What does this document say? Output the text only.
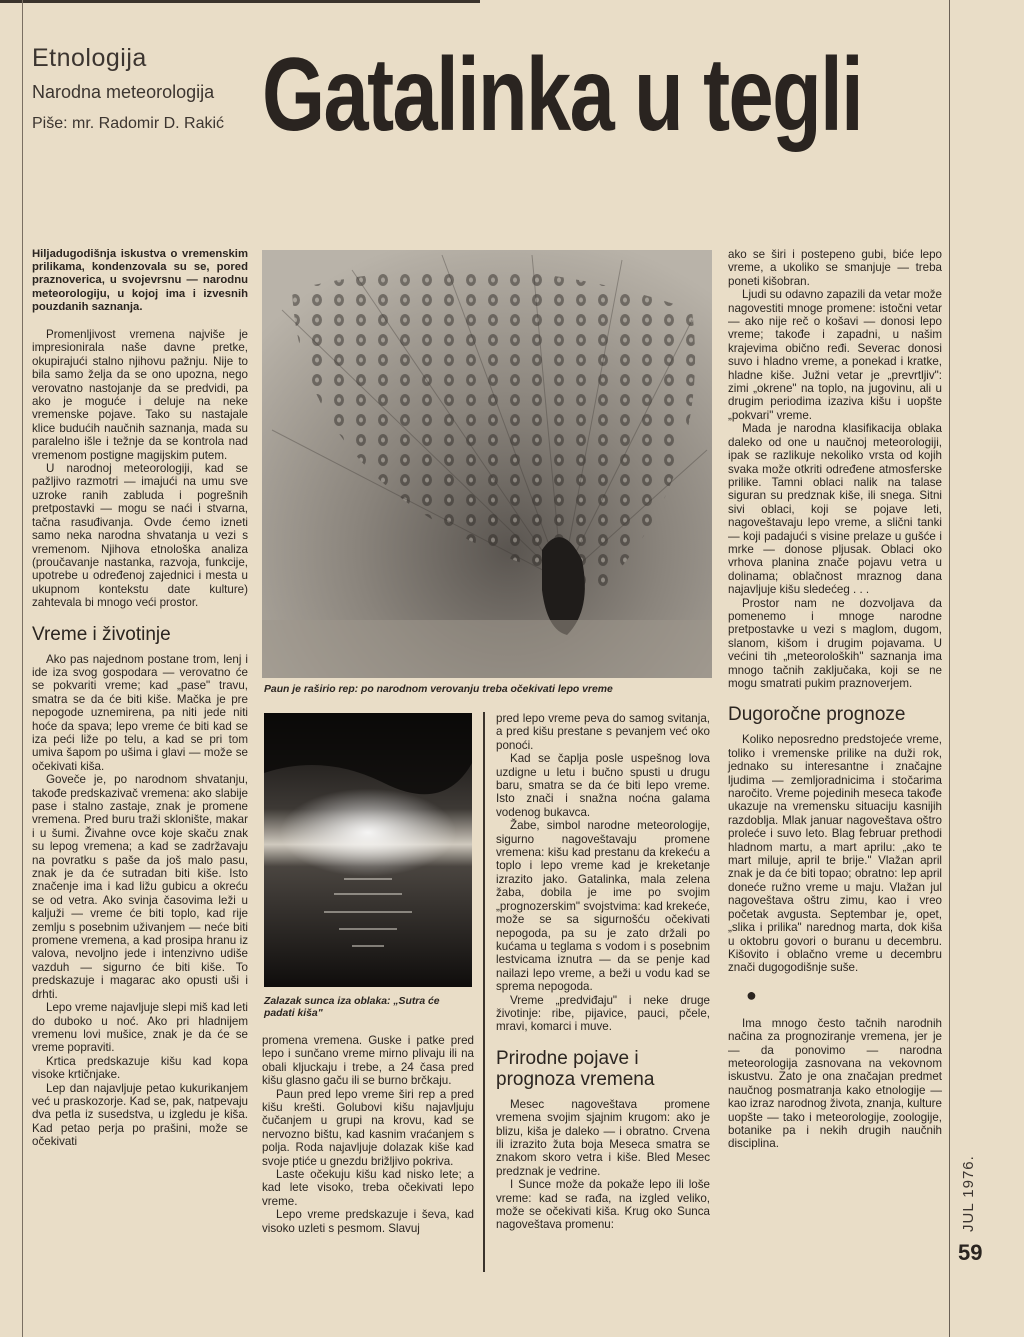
Etnologija
Narodna meteorologija
Piše: mr. Radomir D. Rakić Gatalinka u tegli
Hiljadugodišnja iskustva o vremenskim prilikama, kondenzovala su se, pored praznoverica, u svojevrsnu — narodnu meteorologiju, u kojoj ima i izvesnih pouzdanih saznanja.

Promenljivost vremena najviše je impresionirala naše davne pretke, okupirajući stalno njihovu pažnju. Nije to bila samo želja da se ono upozna, nego verovatno nastojanje da se predvidi, pa ako je moguće i deluje na neke vremenske pojave. Tako su nastajale klice budućih naučnih saznanja, mada su paralelno išle i težnje da se kontrola nad vremenom postigne magijskim putem.

U narodnoj meteorologiji, kad se pažljivo razmotri — imajući na umu sve uzroke ranih zabluda i pogrešnih pretpostavki — mogu se naći i stvarna, tačna rasuđivanja. Ovde ćemo izneti samo neka narodna shvatanja u vezi s vremenom. Njihova etnološka analiza (proučavanje nastanka, razvoja, funkcije, upotrebe u određenoj zajednici i mesta u ukupnom kontekstu date kulture) zahtevala bi mnogo veći prostor.

Vreme i životinje

Ako pas najednom postane trom, lenj i ide iza svog gospodara — verovatno će se pokvariti vreme; kad „pase" travu, smatra se da će biti kiše. Mačka je pre nepogode uznemirena, pa niti jede niti hoće da spava; lepo vreme će biti kad se iza peći liže po telu, a kad se pri tom umiva šapom po ušima i glavi — može se očekivati kiša.

Goveče je, po narodnom shvatanju, takođe predskazivač vremena: ako slabije pase i stalno zastaje, znak je promene vremena. Pred buru traži sklonište, makar i u šumi. Živahne ovce koje skaču znak su lepog vremena; a kad se zadržavaju na povratku s paše da još malo pasu, znak je da će sutradan biti kiše. Isto značenje ima i kad ližu gubicu a okreću se od vetra. Ako svinja časovima leži u kaljuži — vreme će biti toplo, kad rije zemlju s posebnim uživanjem — neće biti promene vremena, a kad prosipa hranu iz valova, nevoljno jede i intenzivno udiše vazduh — sigurno će biti kiše. To predskazuje i magarac ako opusti uši i drhti.

Lepo vreme najavljuje slepi miš kad leti do duboko u noć. Ako pri hladnijem vremenu lovi mušice, znak je da će se vreme popraviti.

Krtica predskazuje kišu kad kopa visoke krtičnjake.

Lep dan najavljuje petao kukurikanjem već u praskozorje. Kad se, pak, natpevaju dva petla iz susedstva, u izgledu je kiša. Kad petao perja po prašini, može se očekivati

Paun je raširio rep: po narodnom verovanju treba očekivati lepo vreme
Zalazak sunca iza oblaka: „Sutra će padati kiša"

promena vremena. Guske i patke pred lepo i sunčano vreme mirno plivaju ili na obali kljuckaju i trebe, a 24 časa pred kišu glasno gaču ili se burno brčkaju.

Paun pred lepo vreme širi rep a pred kišu krešti. Golubovi kišu najavljuju čučanjem u grupi na krovu, kad se nervozno bištu, kad kasnim vraćanjem s polja. Roda najavljuje dolazak kiše kad svoje ptiće u gnezdu brižljivo pokriva.

Laste očekuju kišu kad nisko lete; a kad lete visoko, treba očekivati lepo vreme.

Lepo vreme predskazuje i ševa, kad visoko uzleti s pesmom. Slavuj

pred lepo vreme peva do samog svitanja, a pred kišu prestane s pevanjem već oko ponoći.

Kad se čaplja posle uspešnog lova uzdigne u letu i bučno spusti u drugu baru, smatra se da će biti lepo vreme. Isto znači i snažna noćna galama vodenog bukavca.

Žabe, simbol narodne meteorologije, sigurno nagoveštavaju promene vremena: kišu kad prestanu da krekeću a toplo i lepo vreme kad je kreketanje izrazito jako. Gatalinka, mala zelena žaba, dobila je ime po svojim „prognozerskim" svojstvima: kad krekeće, može se sa sigurnošću očekivati nepogoda, pa su je zato držali po kućama u teglama s vodom i s posebnim lestvicama iznutra — da se penje kad nailazi lepo vreme, a beži u vodu kad se sprema nepogoda.

Vreme „predviđaju" i neke druge životinje: ribe, pijavice, pauci, pčele, mravi, komarci i muve.

Prirodne pojave i prognoza vremena

Mesec nagoveštava promene vremena svojim sjajnim krugom: ako je blizu, kiša je daleko — i obratno. Crvena ili izrazito žuta boja Meseca smatra se znakom skoro vetra i kiše. Bled Mesec predznak je vedrine.

I Sunce može da pokaže lepo ili loše vreme: kad se rađa, na izgled veliko, može se očekivati kiša. Krug oko Sunca nagoveštava promenu:

ako se širi i postepeno gubi, biće lepo vreme, a ukoliko se smanjuje — treba poneti kišobran.

Ljudi su odavno zapazili da vetar može nagovestiti mnoge promene: istočni vetar — ako nije reč o košavi — donosi lepo vreme; takođe i zapadni, u našim krajevima obično ređi. Severac donosi suvo i hladno vreme, a ponekad i kratke, hladne kiše. Južni vetar je „prevrtljiv": zimi „okrene" na toplo, na jugovinu, ali u drugim periodima izaziva kišu i uopšte „pokvari" vreme.

Mada je narodna klasifikacija oblaka daleko od one u naučnoj meteorologiji, ipak se razlikuje nekoliko vrsta od kojih svaka može otkriti određene atmosferske prilike. Tamni oblaci nalik na talase siguran su predznak kiše, ili snega. Sitni sivi oblaci, koji se pojave leti, nagoveštavaju lepo vreme, a slični tanki — koji padajući s visine prelaze u gušće i mrke — donose pljusak. Oblaci oko vrhova planina znače pojavu vetra u dolinama; oblačnost mraznog dana najavljuje kišu sledećeg . . .

Prostor nam ne dozvoljava da pomenemo i mnoge narodne pretpostavke u vezi s maglom, dugom, slanom, kišom i drugim pojavama. U većini tih „meteoroloških" saznanja ima mnogo tačnih zaključaka, koji se ne mogu smatrati pukim praznoverjem.

Dugoročne prognoze

Koliko neposredno predstojeće vreme, toliko i vremenske prilike na duži rok, jednako su interesantne i značajne ljudima — zemljoradnicima i stočarima naročito. Vreme pojedinih meseca takođe ukazuje na vremensku situaciju kasnijih razdoblja. Mlak januar nagoveštava oštro proleće i suvo leto. Blag februar prethodi hladnom martu, a mart aprilu: „ako te mart miluje, april te brije." Vlažan april znak je da će biti topao; obratno: lep april doneće ružno vreme u maju. Vlažan jul nagoveštava oštru zimu, kao i vreo početak avgusta. Septembar je, opet, „slika i prilika" narednog marta, dok kiša u oktobru govori o buranu u decembru. Kišovito i oblačno vreme u decembru znači dugogodišnje suše.

●

Ima mnogo često tačnih narodnih načina za prognoziranje vremena, jer je — da ponovimo — narodna meteorologija zasnovana na vekovnom iskustvu. Zato je ona značajan predmet naučnog posmatranja kako etnologije — kao izraz narodnog života, znanja, kulture uopšte — tako i meteorologije, zoologije, botanike pa i nekih drugih naučnih disciplina.

JUL 1976.
59
